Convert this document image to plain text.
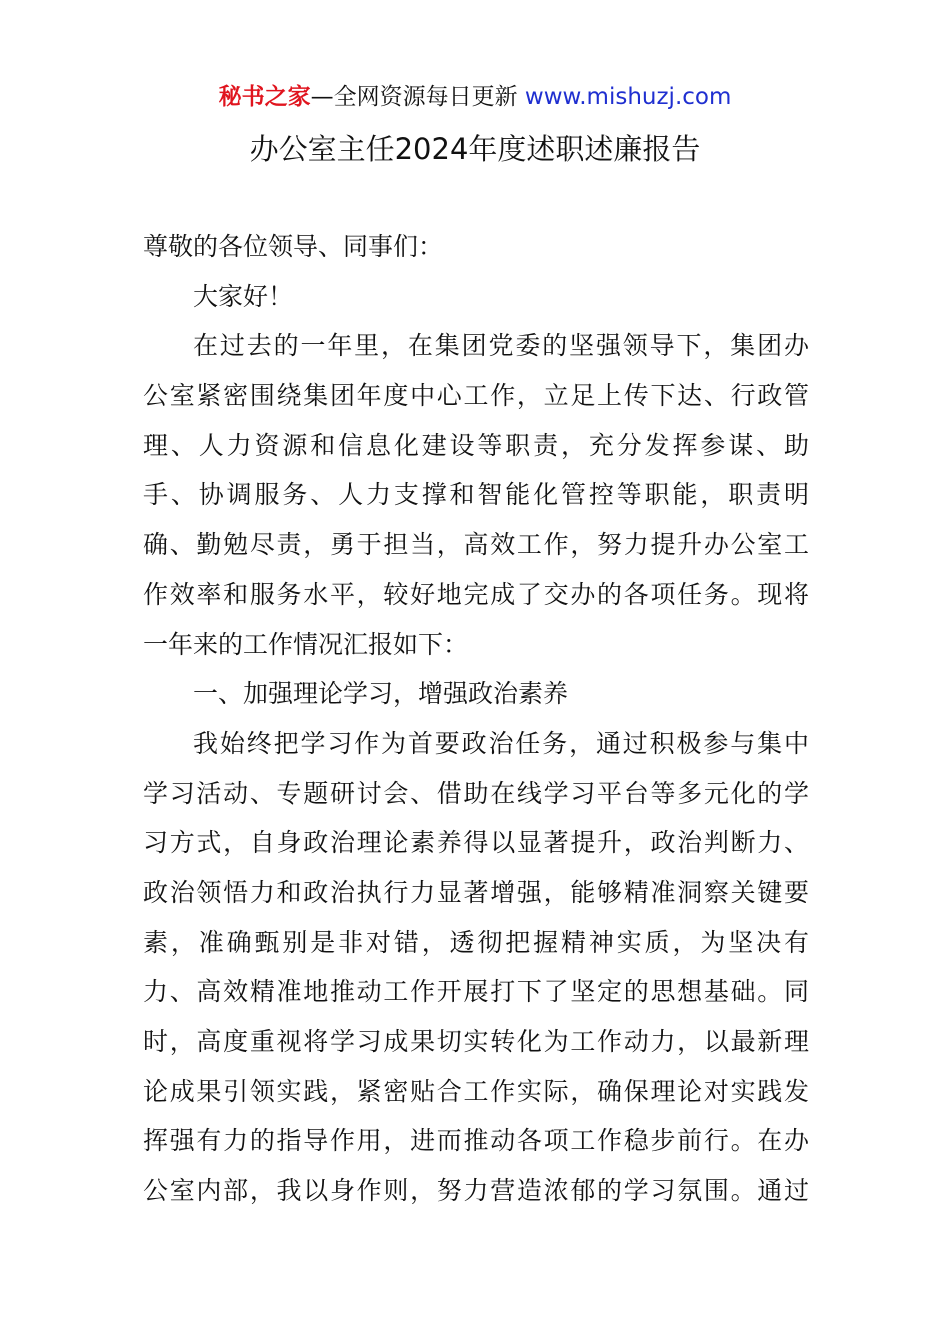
秘书之家—全网资源每日更新 www.mishuzj.com
办公室主任2024年度述职述廉报告
尊敬的各位领导、同事们：
大家好！
在过去的一年里，在集团党委的坚强领导下，集团办
公室紧密围绕集团年度中心工作，立足上传下达、行政管
理、人力资源和信息化建设等职责，充分发挥参谋、助
手、协调服务、人力支撑和智能化管控等职能，职责明
确、勤勉尽责，勇于担当，高效工作，努力提升办公室工
作效率和服务水平，较好地完成了交办的各项任务。现将
一年来的工作情况汇报如下：
一、加强理论学习，增强政治素养
我始终把学习作为首要政治任务，通过积极参与集中
学习活动、专题研讨会、借助在线学习平台等多元化的学
习方式，自身政治理论素养得以显著提升，政治判断力、
政治领悟力和政治执行力显著增强，能够精准洞察关键要
素，准确甄别是非对错，透彻把握精神实质，为坚决有
力、高效精准地推动工作开展打下了坚定的思想基础。同
时，高度重视将学习成果切实转化为工作动力，以最新理
论成果引领实践，紧密贴合工作实际，确保理论对实践发
挥强有力的指导作用，进而推动各项工作稳步前行。在办
公室内部，我以身作则，努力营造浓郁的学习氛围。通过
